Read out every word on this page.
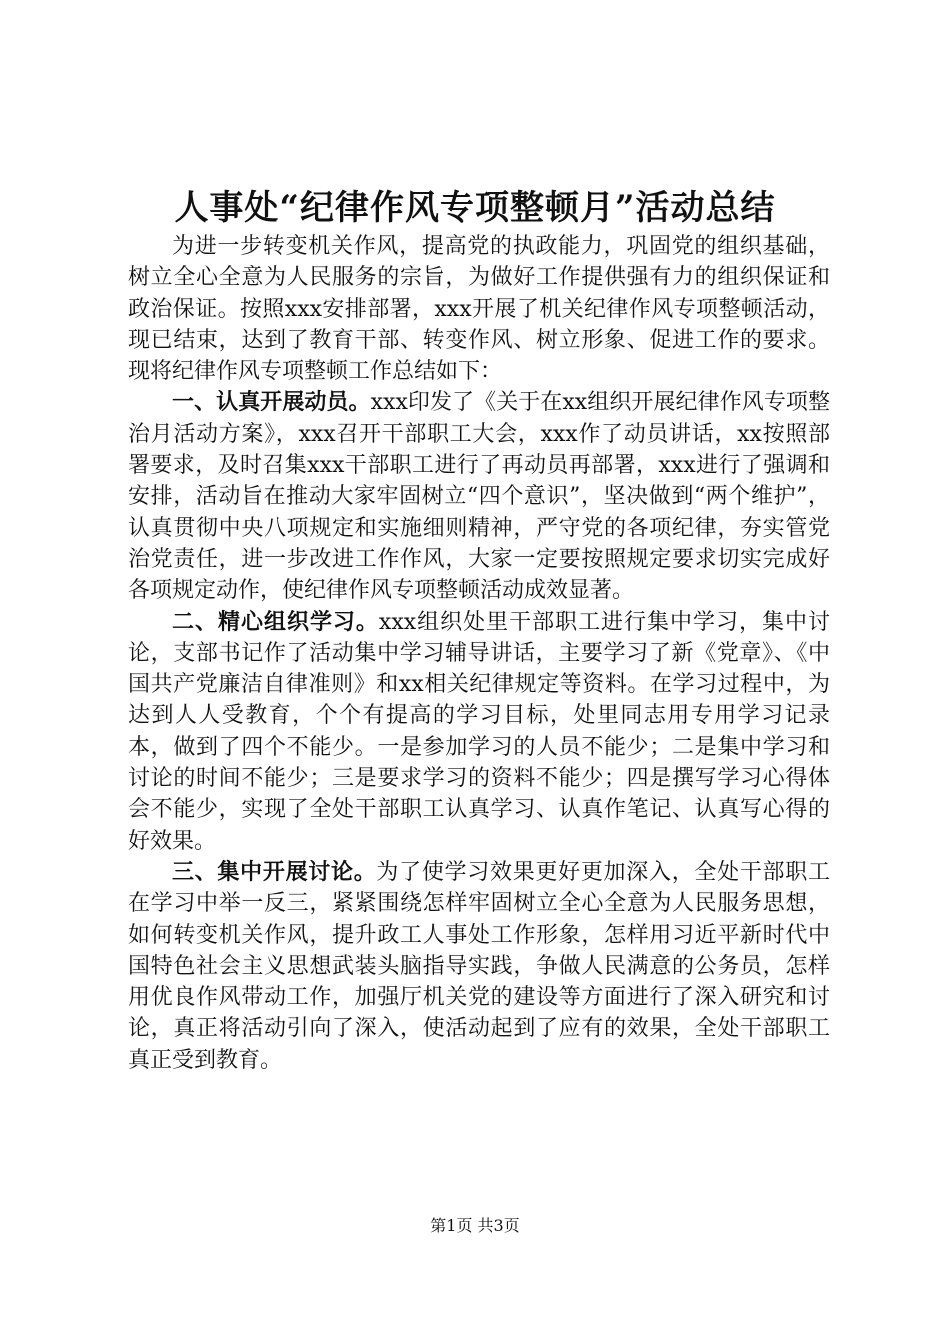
人事处“纪律作风专项整顿月”活动总结

为进一步转变机关作风，提高党的执政能力，巩固党的组织基础，树立全心全意为人民服务的宗旨，为做好工作提供强有力的组织保证和政治保证。按照xxx安排部署，xxx开展了机关纪律作风专项整顿活动，现已结束，达到了教育干部、转变作风、树立形象、促进工作的要求。现将纪律作风专项整顿工作总结如下：

一、认真开展动员。xxx印发了《关于在xx组织开展纪律作风专项整治月活动方案》，xxx召开干部职工大会，xxx作了动员讲话，xx按照部署要求，及时召集xxx干部职工进行了再动员再部署，xxx进行了强调和安排，活动旨在推动大家牢固树立“四个意识”，坚决做到“两个维护”，认真贯彻中央八项规定和实施细则精神，严守党的各项纪律，夯实管党治党责任，进一步改进工作作风，大家一定要按照规定要求切实完成好各项规定动作，使纪律作风专项整顿活动成效显著。

二、精心组织学习。xxx组织处里干部职工进行集中学习，集中讨论，支部书记作了活动集中学习辅导讲话，主要学习了新《党章》、《中国共产党廉洁自律准则》和xx相关纪律规定等资料。在学习过程中，为达到人人受教育，个个有提高的学习目标，处里同志用专用学习记录本，做到了四个不能少。一是参加学习的人员不能少；二是集中学习和讨论的时间不能少；三是要求学习的资料不能少；四是撰写学习心得体会不能少，实现了全处干部职工认真学习、认真作笔记、认真写心得的好效果。

三、集中开展讨论。为了使学习效果更好更加深入，全处干部职工在学习中举一反三，紧紧围绕怎样牢固树立全心全意为人民服务思想，如何转变机关作风，提升政工人事处工作形象，怎样用习近平新时代中国特色社会主义思想武装头脑指导实践，争做人民满意的公务员，怎样用优良作风带动工作，加强厅机关党的建设等方面进行了深入研究和讨论，真正将活动引向了深入，使活动起到了应有的效果，全处干部职工真正受到教育。

第1页 共3页
